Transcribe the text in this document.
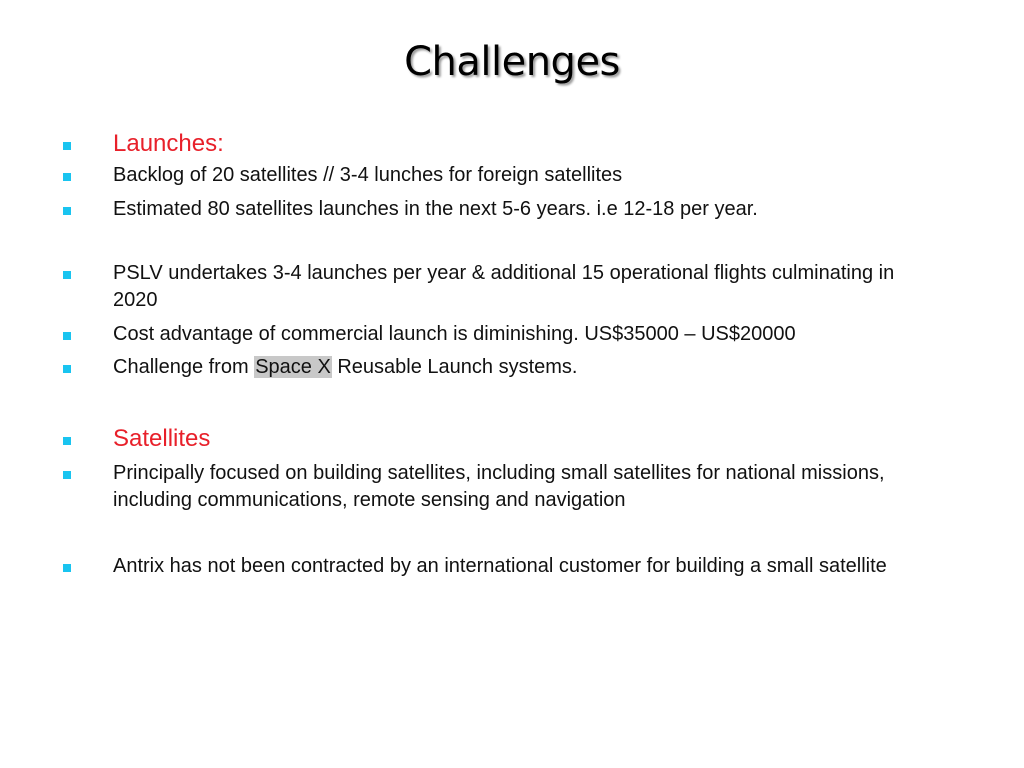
Challenges
Launches:
Backlog of 20 satellites // 3-4 lunches for foreign satellites
Estimated 80 satellites launches in the next 5-6 years. i.e 12-18 per year.
PSLV undertakes 3-4 launches per year & additional 15 operational flights culminating in 2020
Cost advantage of commercial launch is diminishing. US$35000 – US$20000
Challenge from Space X Reusable Launch systems.
Satellites
Principally focused on building satellites, including small satellites for national missions, including communications, remote sensing and navigation
Antrix has not been contracted by an international customer for building a small satellite
